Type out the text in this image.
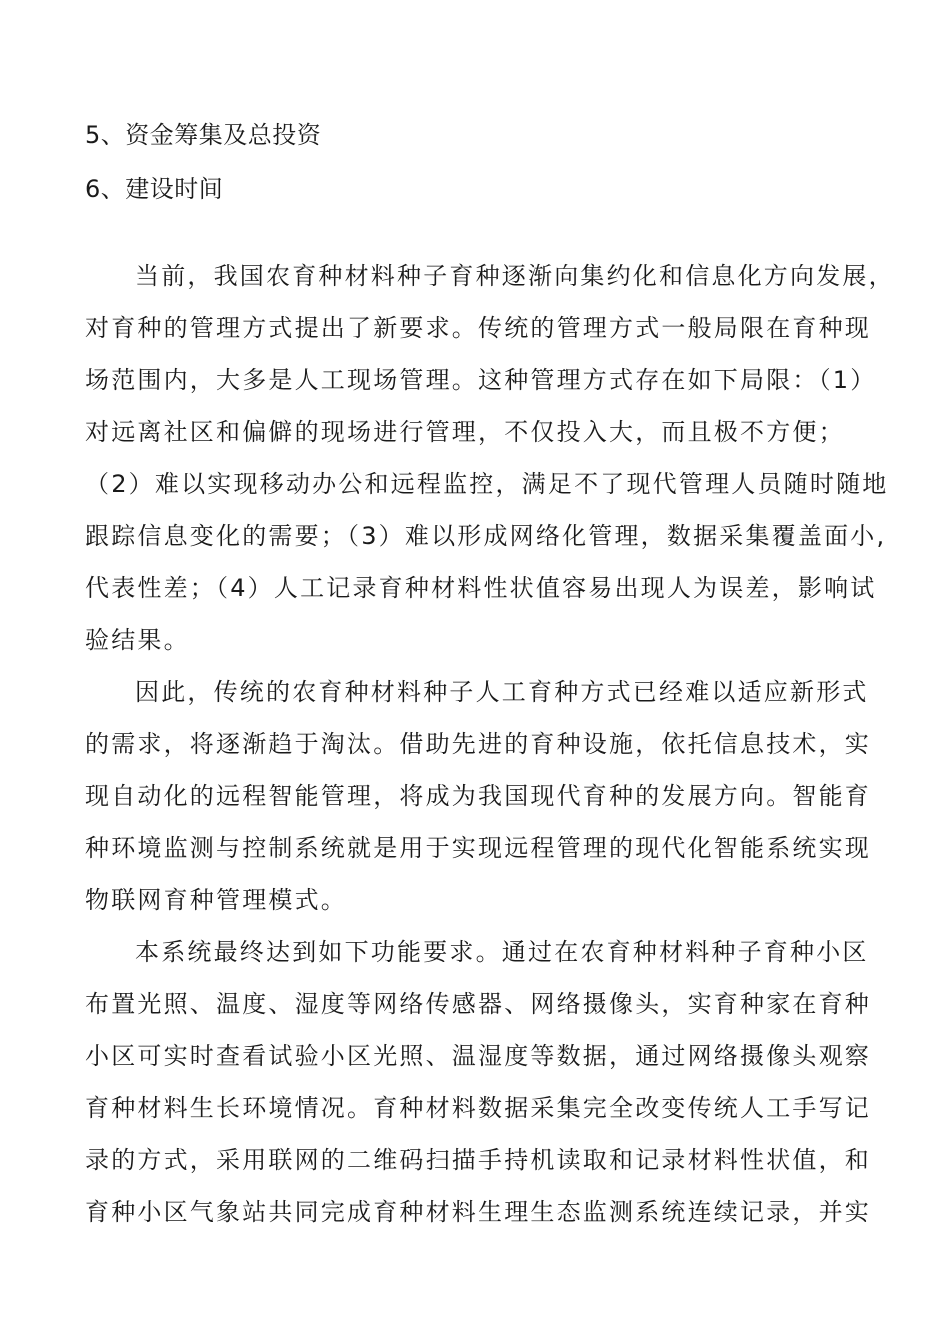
5、资金筹集及总投资
6、建设时间
当前，我国农育种材料种子育种逐渐向集约化和信息化方向发展，
对育种的管理方式提出了新要求。传统的管理方式一般局限在育种现
场范围内，大多是人工现场管理。这种管理方式存在如下局限：（1）
对远离社区和偏僻的现场进行管理，不仅投入大，而且极不方便；
（2）难以实现移动办公和远程监控，满足不了现代管理人员随时随地
跟踪信息变化的需要；（3）难以形成网络化管理，数据采集覆盖面小,
代表性差；（4）人工记录育种材料性状值容易出现人为误差，影响试
验结果。
因此，传统的农育种材料种子人工育种方式已经难以适应新形式
的需求，将逐渐趋于淘汰。借助先进的育种设施，依托信息技术，实
现自动化的远程智能管理，将成为我国现代育种的发展方向。智能育
种环境监测与控制系统就是用于实现远程管理的现代化智能系统实现
物联网育种管理模式。
本系统最终达到如下功能要求。通过在农育种材料种子育种小区
布置光照、温度、湿度等网络传感器、网络摄像头，实育种家在育种
小区可实时查看试验小区光照、温湿度等数据，通过网络摄像头观察
育种材料生长环境情况。育种材料数据采集完全改变传统人工手写记
录的方式，采用联网的二维码扫描手持机读取和记录材料性状值，和
育种小区气象站共同完成育种材料生理生态监测系统连续记录，并实
